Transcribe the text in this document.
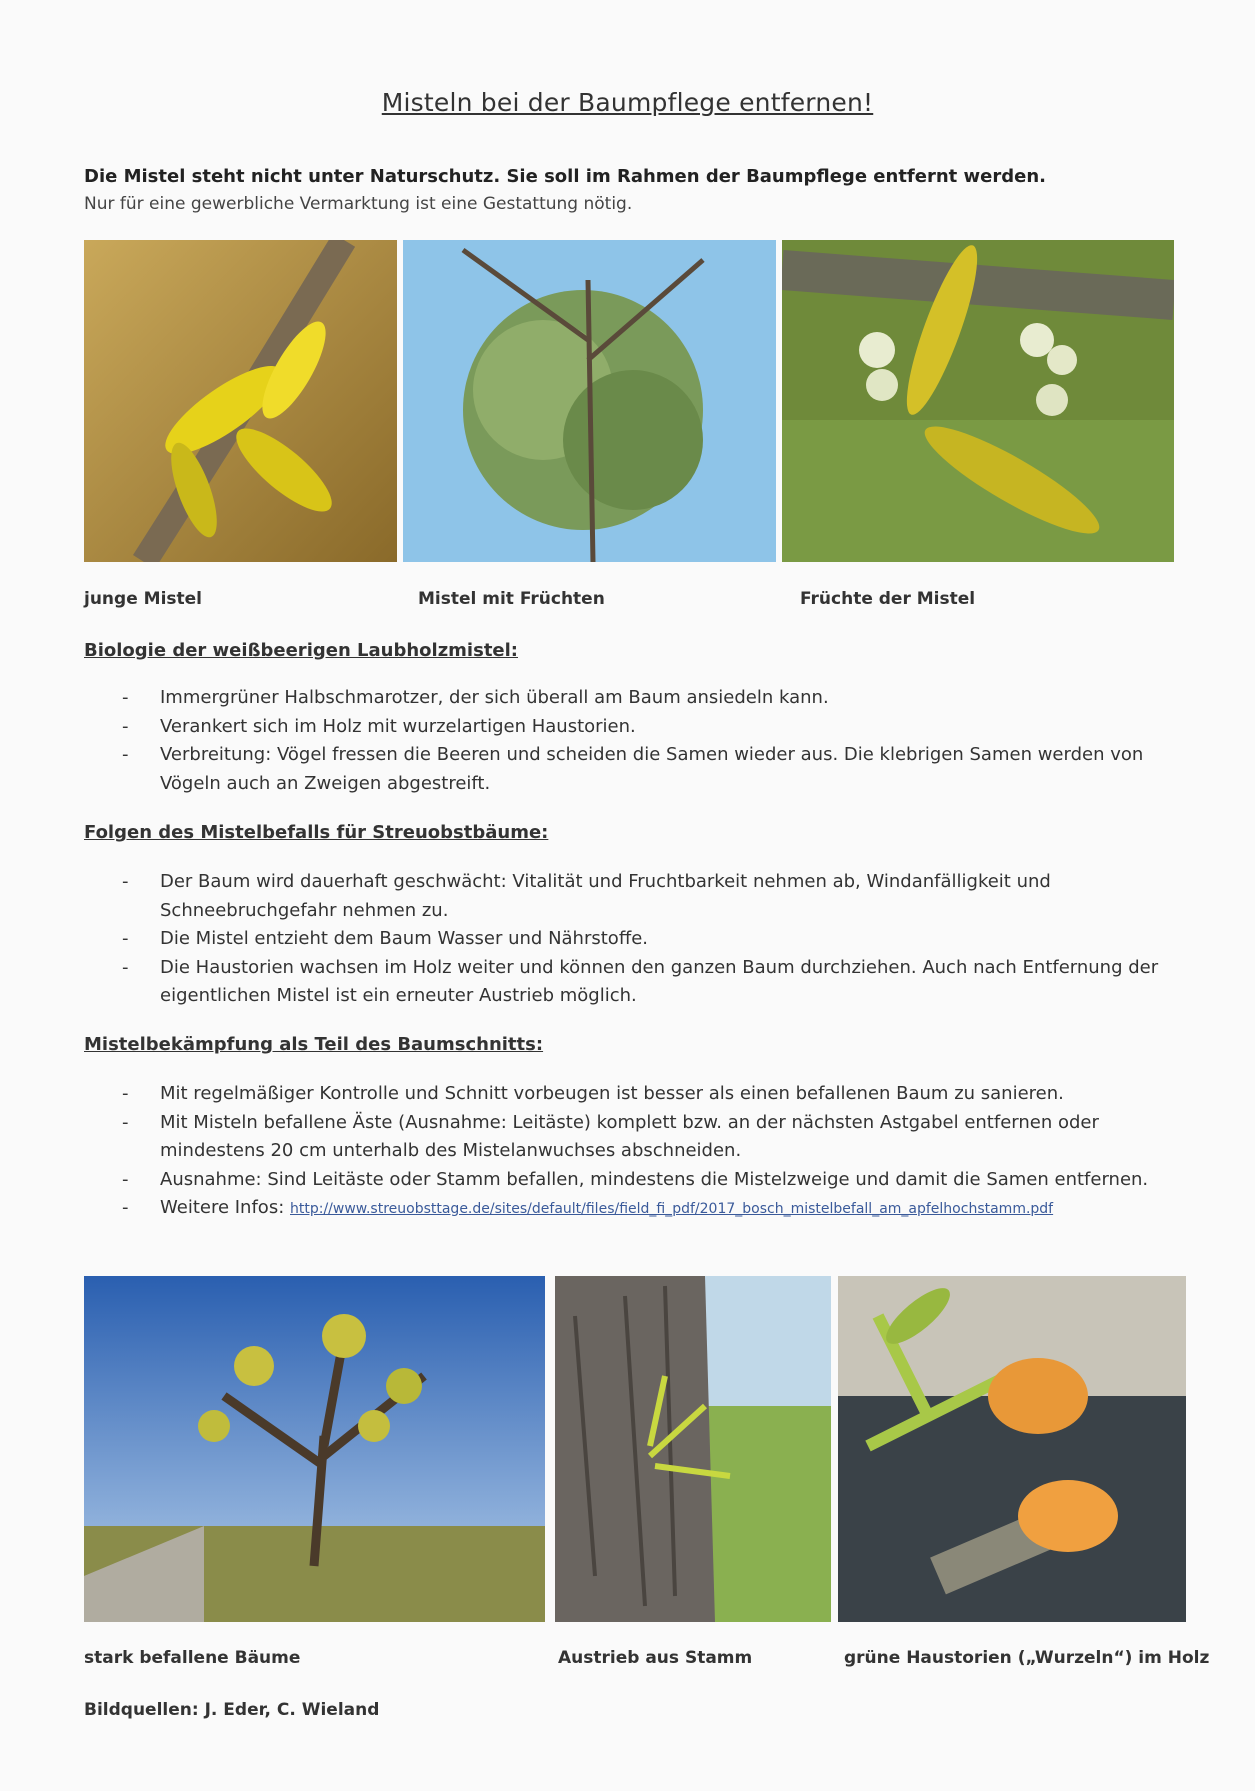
Misteln bei der Baumpflege entfernen!
Die Mistel steht nicht unter Naturschutz. Sie soll im Rahmen der Baumpflege entfernt werden.
Nur für eine gewerbliche Vermarktung ist eine Gestattung nötig.
junge Mistel	Mistel mit Früchten	Früchte der Mistel
Biologie der weißbeerigen Laubholzmistel:
- Immergrüner Halbschmarotzer, der sich überall am Baum ansiedeln kann.
- Verankert sich im Holz mit wurzelartigen Haustorien.
- Verbreitung: Vögel fressen die Beeren und scheiden die Samen wieder aus. Die klebrigen Samen werden von Vögeln auch an Zweigen abgestreift.
Folgen des Mistelbefalls für Streuobstbäume:
- Der Baum wird dauerhaft geschwächt: Vitalität und Fruchtbarkeit nehmen ab, Windanfälligkeit und Schneebruchgefahr nehmen zu.
- Die Mistel entzieht dem Baum Wasser und Nährstoffe.
- Die Haustorien wachsen im Holz weiter und können den ganzen Baum durchziehen. Auch nach Entfernung der eigentlichen Mistel ist ein erneuter Austrieb möglich.
Mistelbekämpfung als Teil des Baumschnitts:
- Mit regelmäßiger Kontrolle und Schnitt vorbeugen ist besser als einen befallenen Baum zu sanieren.
- Mit Misteln befallene Äste (Ausnahme: Leitäste) komplett bzw. an der nächsten Astgabel entfernen oder mindestens 20 cm unterhalb des Mistelanwuchses abschneiden.
- Ausnahme: Sind Leitäste oder Stamm befallen, mindestens die Mistelzweige und damit die Samen entfernen.
- Weitere Infos: http://www.streuobsttage.de/sites/default/files/field_fi_pdf/2017_bosch_mistelbefall_am_apfelhochstamm.pdf
stark befallene Bäume	Austrieb aus Stamm	grüne Haustorien („Wurzeln“) im Holz
Bildquellen: J. Eder, C. Wieland
